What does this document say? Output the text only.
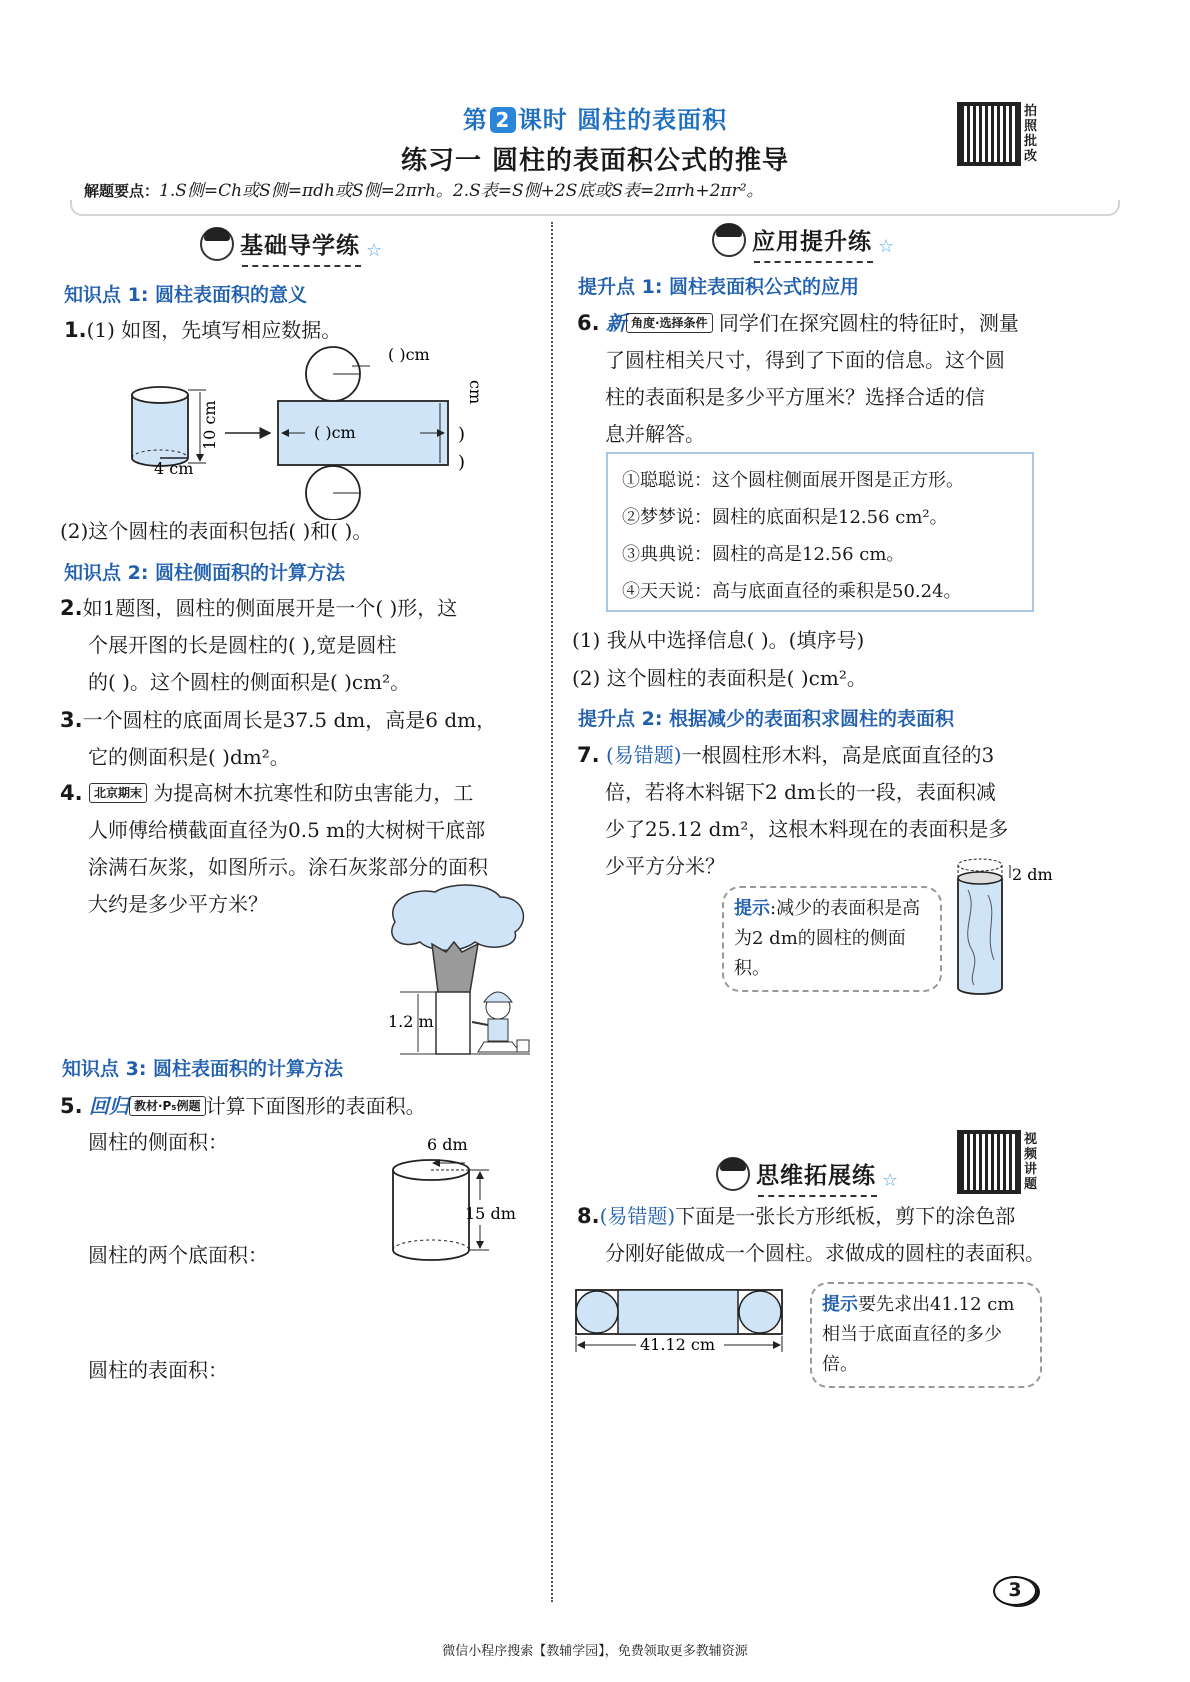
第 2 课时 圆柱的表面积
练习一 圆柱的表面积公式的推导
拍照批改
解题要点：1.S侧=Ch或S侧=πdh或S侧=2πrh。2.S表=S侧+2S底或S表=2πrh+2πr²。
基础导学练 ☆
知识点 1: 圆柱表面积的意义
1.(1) 如图，先填写相应数据。
4 cm
10 cm	( )cm
( )cm
cm
)
)
(2)这个圆柱的表面积包括( )和( )。
知识点 2: 圆柱侧面积的计算方法
2.如1题图，圆柱的侧面展开是一个( )形，这
个展开图的长是圆柱的( ),宽是圆柱
的( )。这个圆柱的侧面积是( )cm²。
3.一个圆柱的底面周长是37.5 dm，高是6 dm，
它的侧面积是( )dm²。
4. 北京期末 为提高树木抗寒性和防虫害能力，工
人师傅给横截面直径为0.5 m的大树树干底部
涂满石灰浆，如图所示。涂石灰浆部分的面积
大约是多少平方米？
1.2 m
知识点 3: 圆柱表面积的计算方法
5. 回归 教材·P₅例题 计算下面图形的表面积。
圆柱的侧面积：
圆柱的两个底面积：
圆柱的表面积：
6 dm
15 dm
应用提升练 ☆
提升点 1: 圆柱表面积公式的应用
6. 新 角度·选择条件 同学们在探究圆柱的特征时，测量
了圆柱相关尺寸，得到了下面的信息。这个圆
柱的表面积是多少平方厘米？选择合适的信
息并解答。
①聪聪说：这个圆柱侧面展开图是正方形。
②梦梦说：圆柱的底面积是12.56 cm²。
③典典说：圆柱的高是12.56 cm。
④天天说：高与底面直径的乘积是50.24。
(1) 我从中选择信息( )。(填序号)
(2) 这个圆柱的表面积是( )cm²。
提升点 2: 根据减少的表面积求圆柱的表面积
7. (易错题)一根圆柱形木料，高是底面直径的3
倍，若将木料锯下2 dm长的一段，表面积减
少了25.12 dm²，这根木料现在的表面积是多
少平方分米？
提示:减少的表面积是高为2 dm的圆柱的侧面积。
2 dm
视频讲题
思维拓展练 ☆
8.(易错题)下面是一张长方形纸板，剪下的涂色部
分刚好能做成一个圆柱。求做成的圆柱的表面积。
41.12 cm
提示要先求出41.12 cm相当于底面直径的多少倍。
3
微信小程序搜索【教辅学园】，免费领取更多教辅资源
